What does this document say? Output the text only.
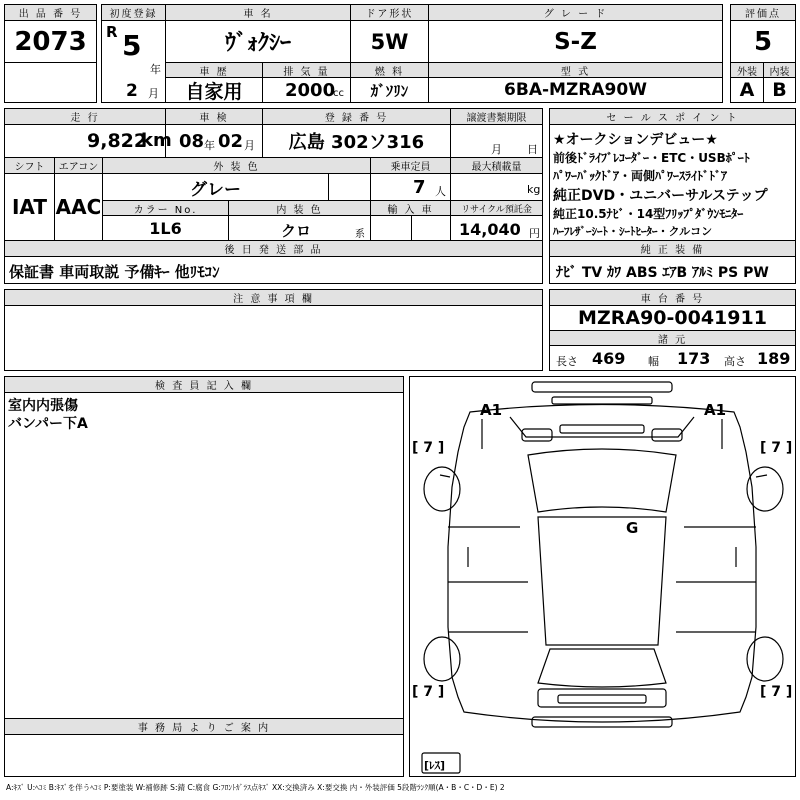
出 品 番 号
2073
初度登録
R 5
年
2 月
車 名
ｳﾞｫｸｼｰ
ドア形状
5W
グ レ ー ド
S-Z
評価点
5
車 歴
自家用
排 気 量
2000
cc
燃 料
ｶﾞｿﾘﾝ
型 式
6BA-MZRA90W
外装	内装
A B
走 行
9,822
km
車 検
08 年 02 月
登 録 番 号
広島 302ソ316
譲渡書類期限
月 日
セ ー ル ス ポ イ ン ト
★オークションデビュー★
前後ﾄﾞﾗｲﾌﾞﾚｺｰﾀﾞｰ・ETC・USBﾎﾟｰﾄ
ﾊﾟﾜｰﾊﾞｯｸﾄﾞｱ・両側ﾊﾟﾜｰｽﾗｲﾄﾞﾄﾞｱ
純正DVD・ユニバーサルステップ
純正10.5ﾅﾋﾞ・14型ﾌﾘｯﾌﾟﾀﾞｳﾝﾓﾆﾀｰ
ﾊｰﾌﾚｻﾞｰｼｰﾄ・ｼｰﾄﾋｰﾀｰ・クルコン
シフト	エアコン
IAT AAC
外 装 色
グレー
乗車定員
7 人
最大積載量
kg
カラー No.
1L6
内 装 色
クロ	系
輸 入 車	リサイクル預託金
14,040 円
後 日 発 送 部 品
保証書 車両取説 予備ｷｰ 他ﾘﾓｺﾝ
純 正 装 備
ﾅﾋﾞ TV ｶﾜ ABS ｴｱB ｱﾙﾐ PS PW
注 意 事 項 欄	車 台 番 号
MZRA90-0041911
諸 元
長さ 469 幅 173 高さ 189
検 査 員 記 入 欄
室内内張傷
バンパー下A
事 務 局 よ り ご 案 内
A1	A1
G
[ 7 ]	[ 7 ]
[ 7 ]	[ 7 ]
[ﾚｽ]
A:ｷｽﾞ U:ﾍｺﾐ B:ｷｽﾞを伴うﾍｺﾐ P:要塗装 W:補修跡 S:錆 C:腐食 G:ﾌﾛﾝﾄｶﾞﾗｽ点ｷｽﾞ XX:交換済み X:要交換 内・外装評価 5段階ﾗﾝｸ順(A・B・C・D・E) 2
